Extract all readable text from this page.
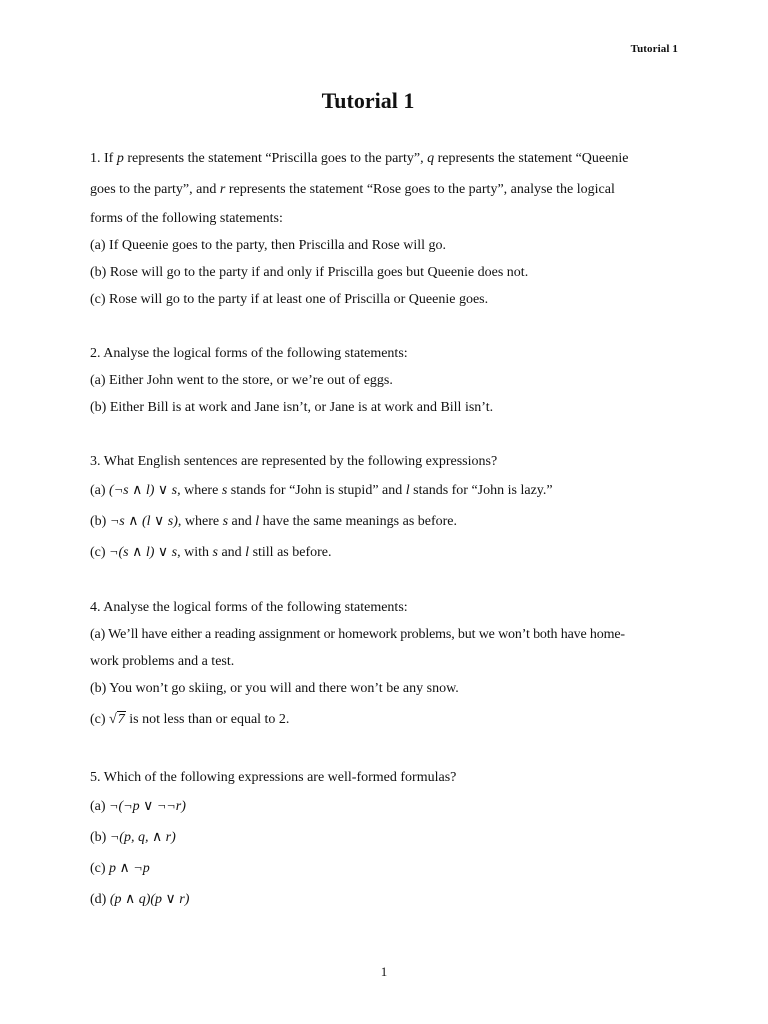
Tutorial 1
Tutorial 1
1. If p represents the statement “Priscilla goes to the party”, q represents the statement “Queenie
goes to the party”, and r represents the statement “Rose goes to the party”, analyse the logical
forms of the following statements:
(a) If Queenie goes to the party, then Priscilla and Rose will go.
(b) Rose will go to the party if and only if Priscilla goes but Queenie does not.
(c) Rose will go to the party if at least one of Priscilla or Queenie goes.
2. Analyse the logical forms of the following statements:
(a) Either John went to the store, or we’re out of eggs.
(b) Either Bill is at work and Jane isn’t, or Jane is at work and Bill isn’t.
3. What English sentences are represented by the following expressions?
(a) (¬s ∧ l) ∨ s, where s stands for “John is stupid” and l stands for “John is lazy.”
(b) ¬s ∧ (l ∨ s), where s and l have the same meanings as before.
(c) ¬(s ∧ l) ∨ s, with s and l still as before.
4. Analyse the logical forms of the following statements:
(a) We’ll have either a reading assignment or homework problems, but we won’t both have home-
work problems and a test.
(b) You won’t go skiing, or you will and there won’t be any snow.
(c) √7 is not less than or equal to 2.
5. Which of the following expressions are well-formed formulas?
(a) ¬(¬p ∨ ¬¬r)
(b) ¬(p, q, ∧ r)
(c) p ∧ ¬p
(d) (p ∧ q)(p ∨ r)
1
